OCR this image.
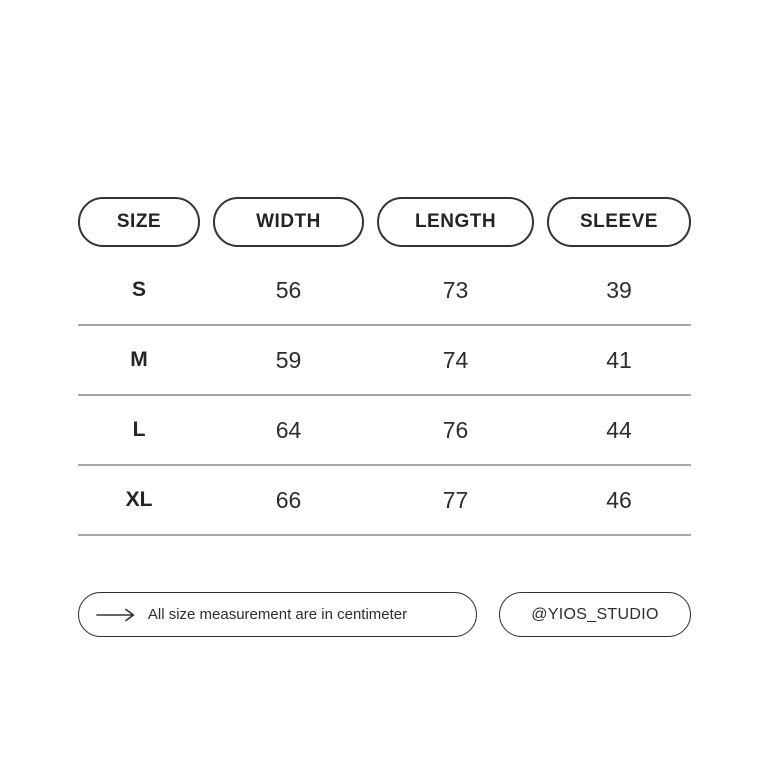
SIZE	WIDTH	LENGTH	SLEEVE
S	56	73	39
M	59	74	41
L	64	76	44
XL	66	77	46
All size measurement are in centimeter	@YIOS_STUDIO
